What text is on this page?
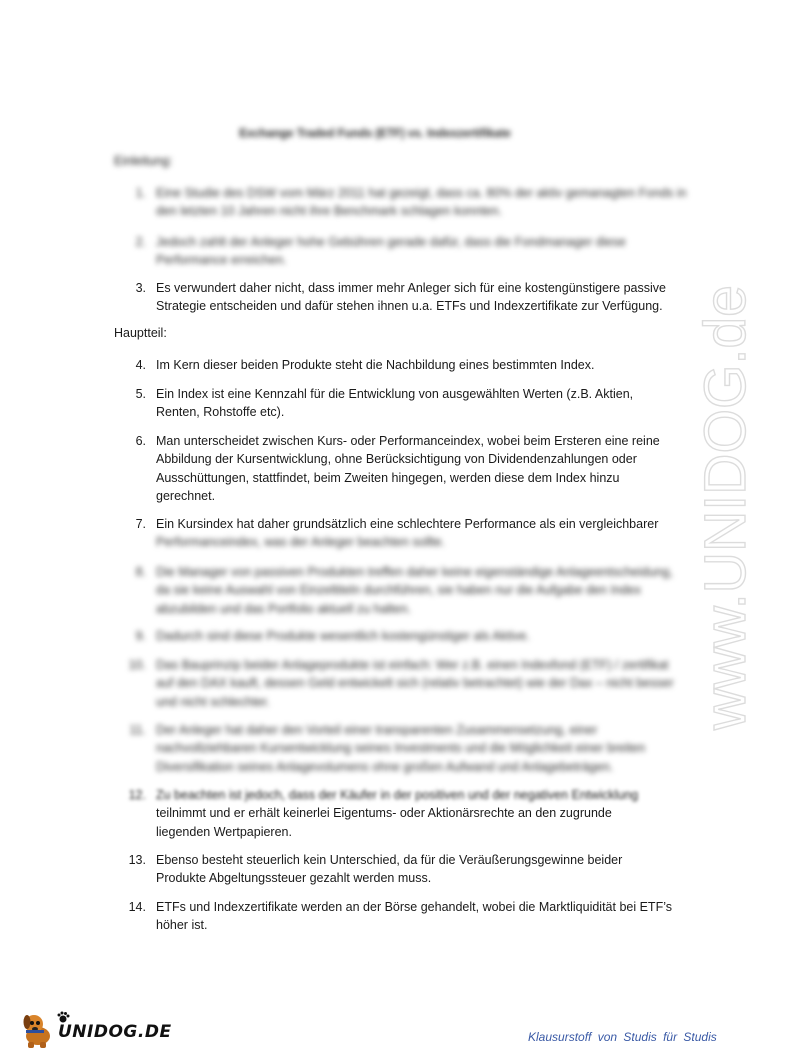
Exchange Traded Funds (ETF) vs. Indexzertifikate
Einleitung:
1. Eine Studie des DSW vom März 2011 hat gezeigt, dass ca. 80% der aktiv gemanagten Fonds in
den letzten 10 Jahren nicht ihre Benchmark schlagen konnten.
2. Jedoch zahlt der Anleger hohe Gebühren gerade dafür, dass die Fondmanager diese
Performance erreichen.
3. Es verwundert daher nicht, dass immer mehr Anleger sich für eine kostengünstigere passive
Strategie entscheiden und dafür stehen ihnen u.a. ETFs und Indexzertifikate zur Verfügung.
Hauptteil:
4. Im Kern dieser beiden Produkte steht die Nachbildung eines bestimmten Index.
5. Ein Index ist eine Kennzahl für die Entwicklung von ausgewählten Werten (z.B. Aktien,
Renten, Rohstoffe etc).
6. Man unterscheidet zwischen Kurs- oder Performanceindex, wobei beim Ersteren eine reine
Abbildung der Kursentwicklung, ohne Berücksichtigung von Dividendenzahlungen oder
Ausschüttungen, stattfindet, beim Zweiten hingegen, werden diese dem Index hinzu
gerechnet.
7. Ein Kursindex hat daher grundsätzlich eine schlechtere Performance als ein vergleichbarer
Performanceindex, was der Anleger beachten sollte.
8. Die Manager von passiven Produkten treffen daher keine eigenständige Anlageentscheidung,
da sie keine Auswahl von Einzeltiteln durchführen, sie haben nur die Aufgabe den Index
abzubilden und das Portfolio aktuell zu halten.
9. Dadurch sind diese Produkte wesentlich kostengünstiger als Aktive.
10. Das Bauprinzip beider Anlageprodukte ist einfach: Wer z.B. einen Indexfond (ETF) / zertifikat
auf den DAX kauft, dessen Geld entwickelt sich (relativ betrachtet) wie der Dax – nicht besser
und nicht schlechter.
11. Der Anleger hat daher den Vorteil einer transparenten Zusammensetzung, einer
nachvollziehbaren Kursentwicklung seines Investments und die Möglichkeit einer breiten
Diversifikation seines Anlagevolumens ohne großen Aufwand und Anlagebeträgen.
12. Zu beachten ist jedoch, dass der Käufer in der positiven und der negativen Entwicklung
teilnimmt und er erhält keinerlei Eigentums- oder Aktionärsrechte an den zugrunde
liegenden Wertpapieren.
13. Ebenso besteht steuerlich kein Unterschied, da für die Veräußerungsgewinne beider
Produkte Abgeltungssteuer gezahlt werden muss.
14. ETFs und Indexzertifikate werden an der Börse gehandelt, wobei die Marktliquidität bei ETF’s
höher ist.
www.UNIDOG.de
UNIDOG.DE	Klausurstoff von Studis für Studis
